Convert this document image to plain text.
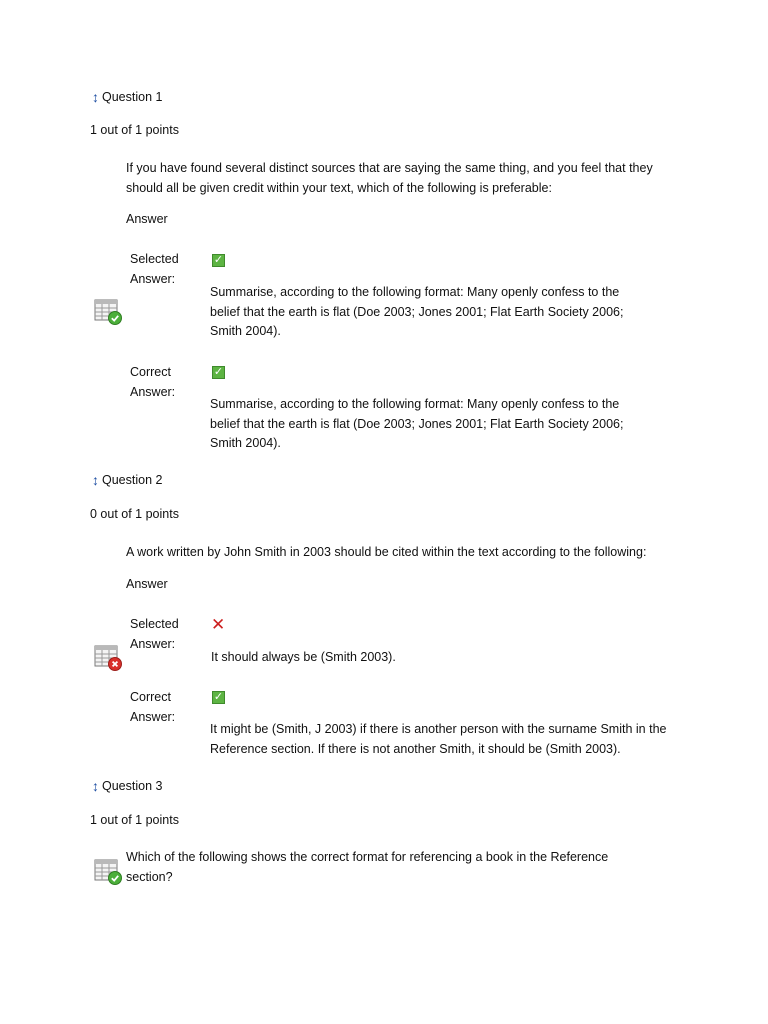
↕ Question 1
1 out of 1 points
If you have found several distinct sources that are saying the same thing, and you feel that they should all be given credit within your text, which of the following is preferable:
Answer
Selected Answer:
✓
Summarise, according to the following format: Many openly confess to the belief that the earth is flat (Doe 2003; Jones 2001; Flat Earth Society 2006; Smith 2004).
Correct Answer:
✓
Summarise, according to the following format: Many openly confess to the belief that the earth is flat (Doe 2003; Jones 2001; Flat Earth Society 2006; Smith 2004).
↕ Question 2
0 out of 1 points
A work written by John Smith in 2003 should be cited within the text according to the following:
Answer
Selected Answer:
✕
It should always be (Smith 2003).
Correct Answer:
✓
It might be (Smith, J 2003) if there is another person with the surname Smith in the Reference section. If there is not another Smith, it should be (Smith 2003).
↕ Question 3
1 out of 1 points
Which of the following shows the correct format for referencing a book in the Reference section?
